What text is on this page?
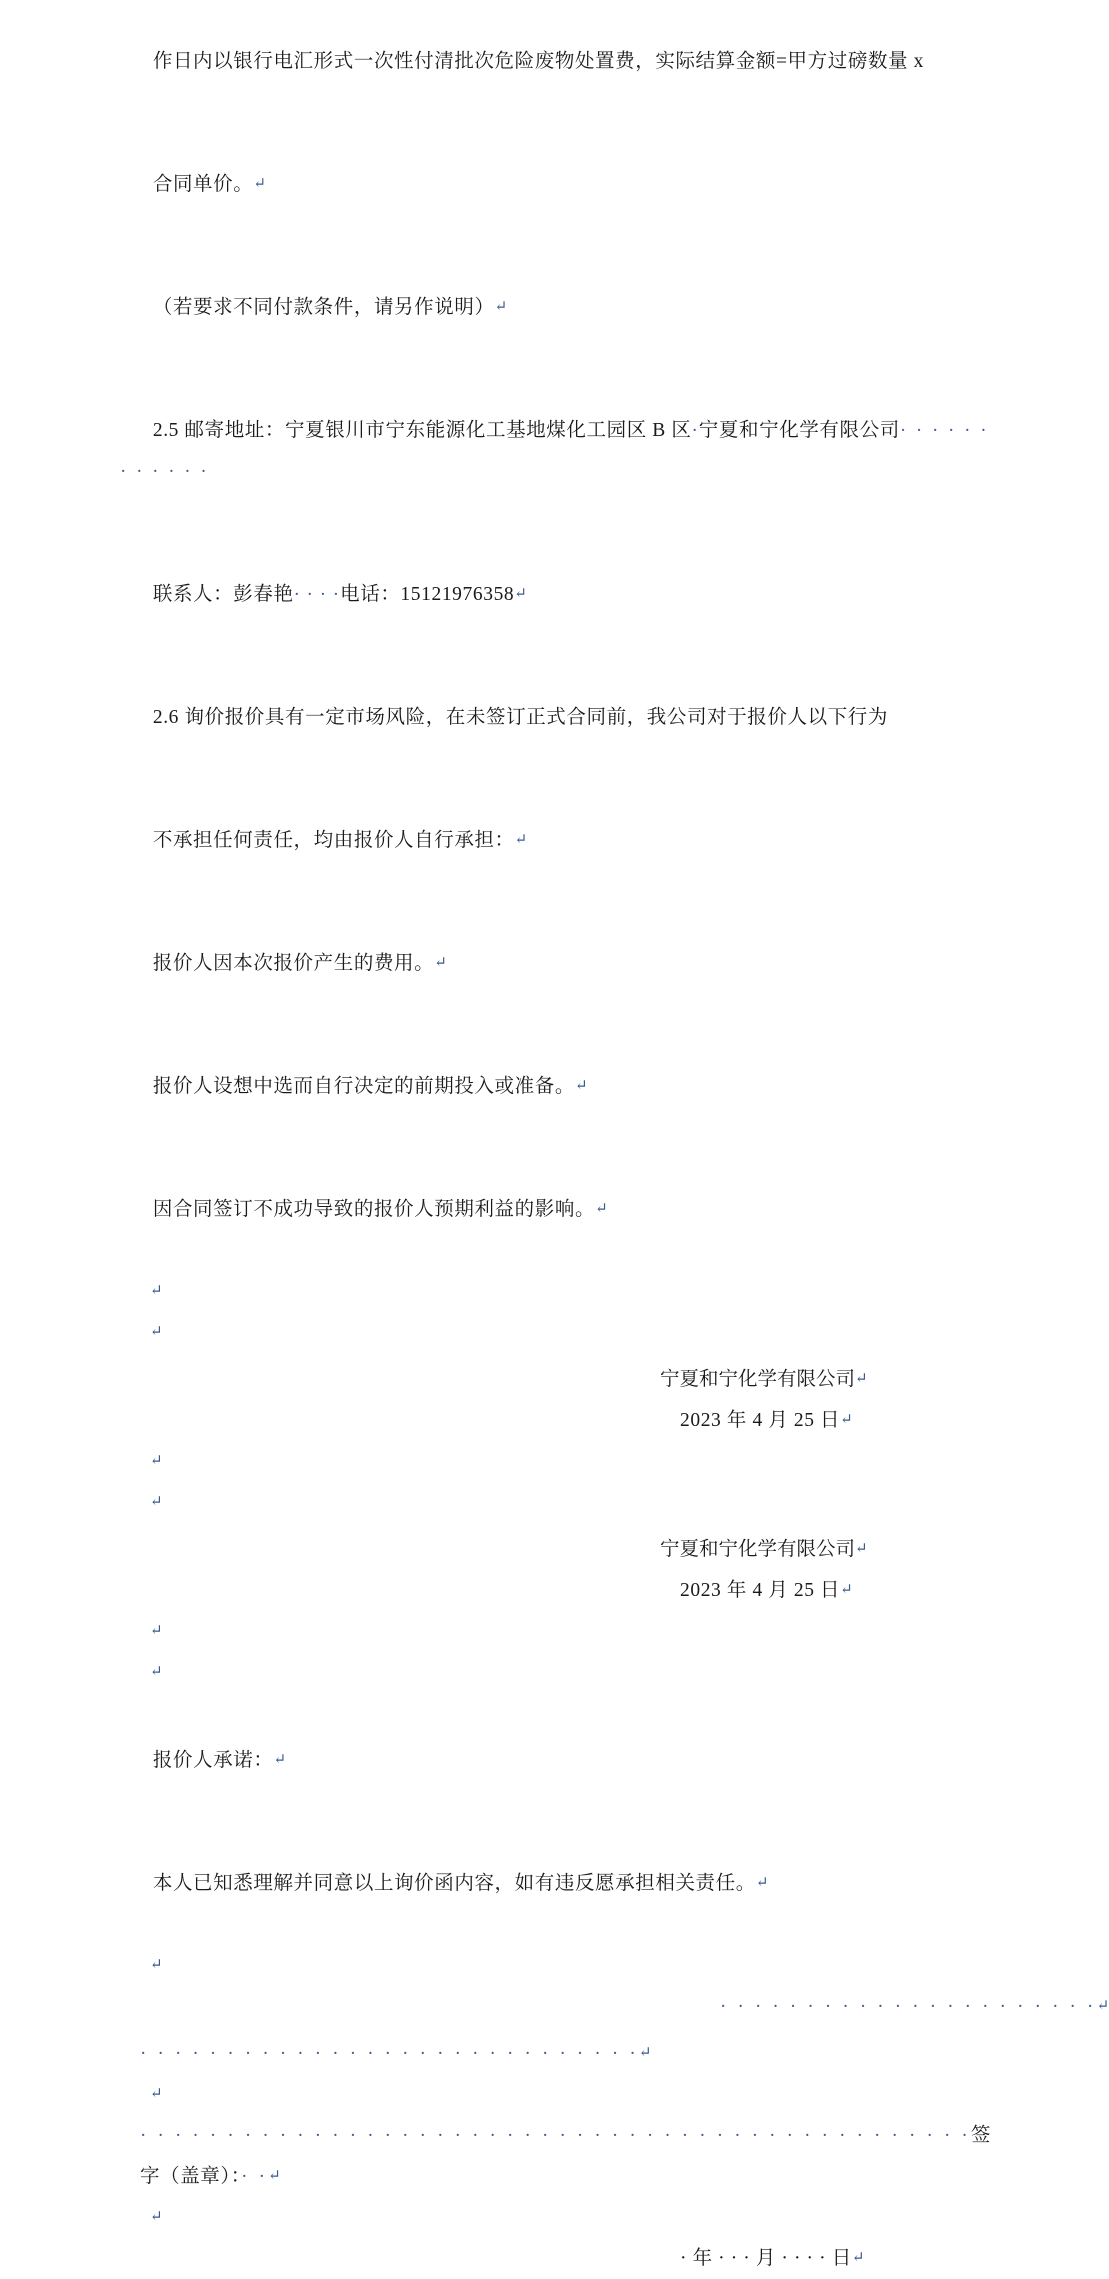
作日内以银行电汇形式一次性付清批次危险废物处置费，实际结算金额=甲方过磅数量 x

合同单价。↵

（若要求不同付款条件，请另作说明）↵

2.5 邮寄地址：宁夏银川市宁东能源化工基地煤化工园区 B 区·宁夏和宁化学有限公司· · · · · · · · · · · ·

联系人：彭春艳· · · ·电话：15121976358↵

2.6 询价报价具有一定市场风险，在未签订正式合同前，我公司对于报价人以下行为

不承担任何责任，均由报价人自行承担：↵

报价人因本次报价产生的费用。↵

报价人设想中选而自行决定的前期投入或准备。↵

因合同签订不成功导致的报价人预期利益的影响。↵

↵
↵
宁夏和宁化学有限公司↵
2023 年 4 月 25 日↵
↵
↵
宁夏和宁化学有限公司↵
2023 年 4 月 25 日↵
↵
↵

报价人承诺：↵

本人已知悉理解并同意以上询价函内容，如有违反愿承担相关责任。↵

↵
· · · · · · · · · · · · · · · · · · · · · ·↵
· · · · · · · · · · · · · · · · · · · · · · · · · · · · ·↵
↵
· · · · · · · · · · · · · · · · · · · · · · · · · · · · · · · · · · · · · · · · · · · · · · · ·签字（盖章）：· ·↵
↵
· 年 · · · 月 · · · · 日↵
